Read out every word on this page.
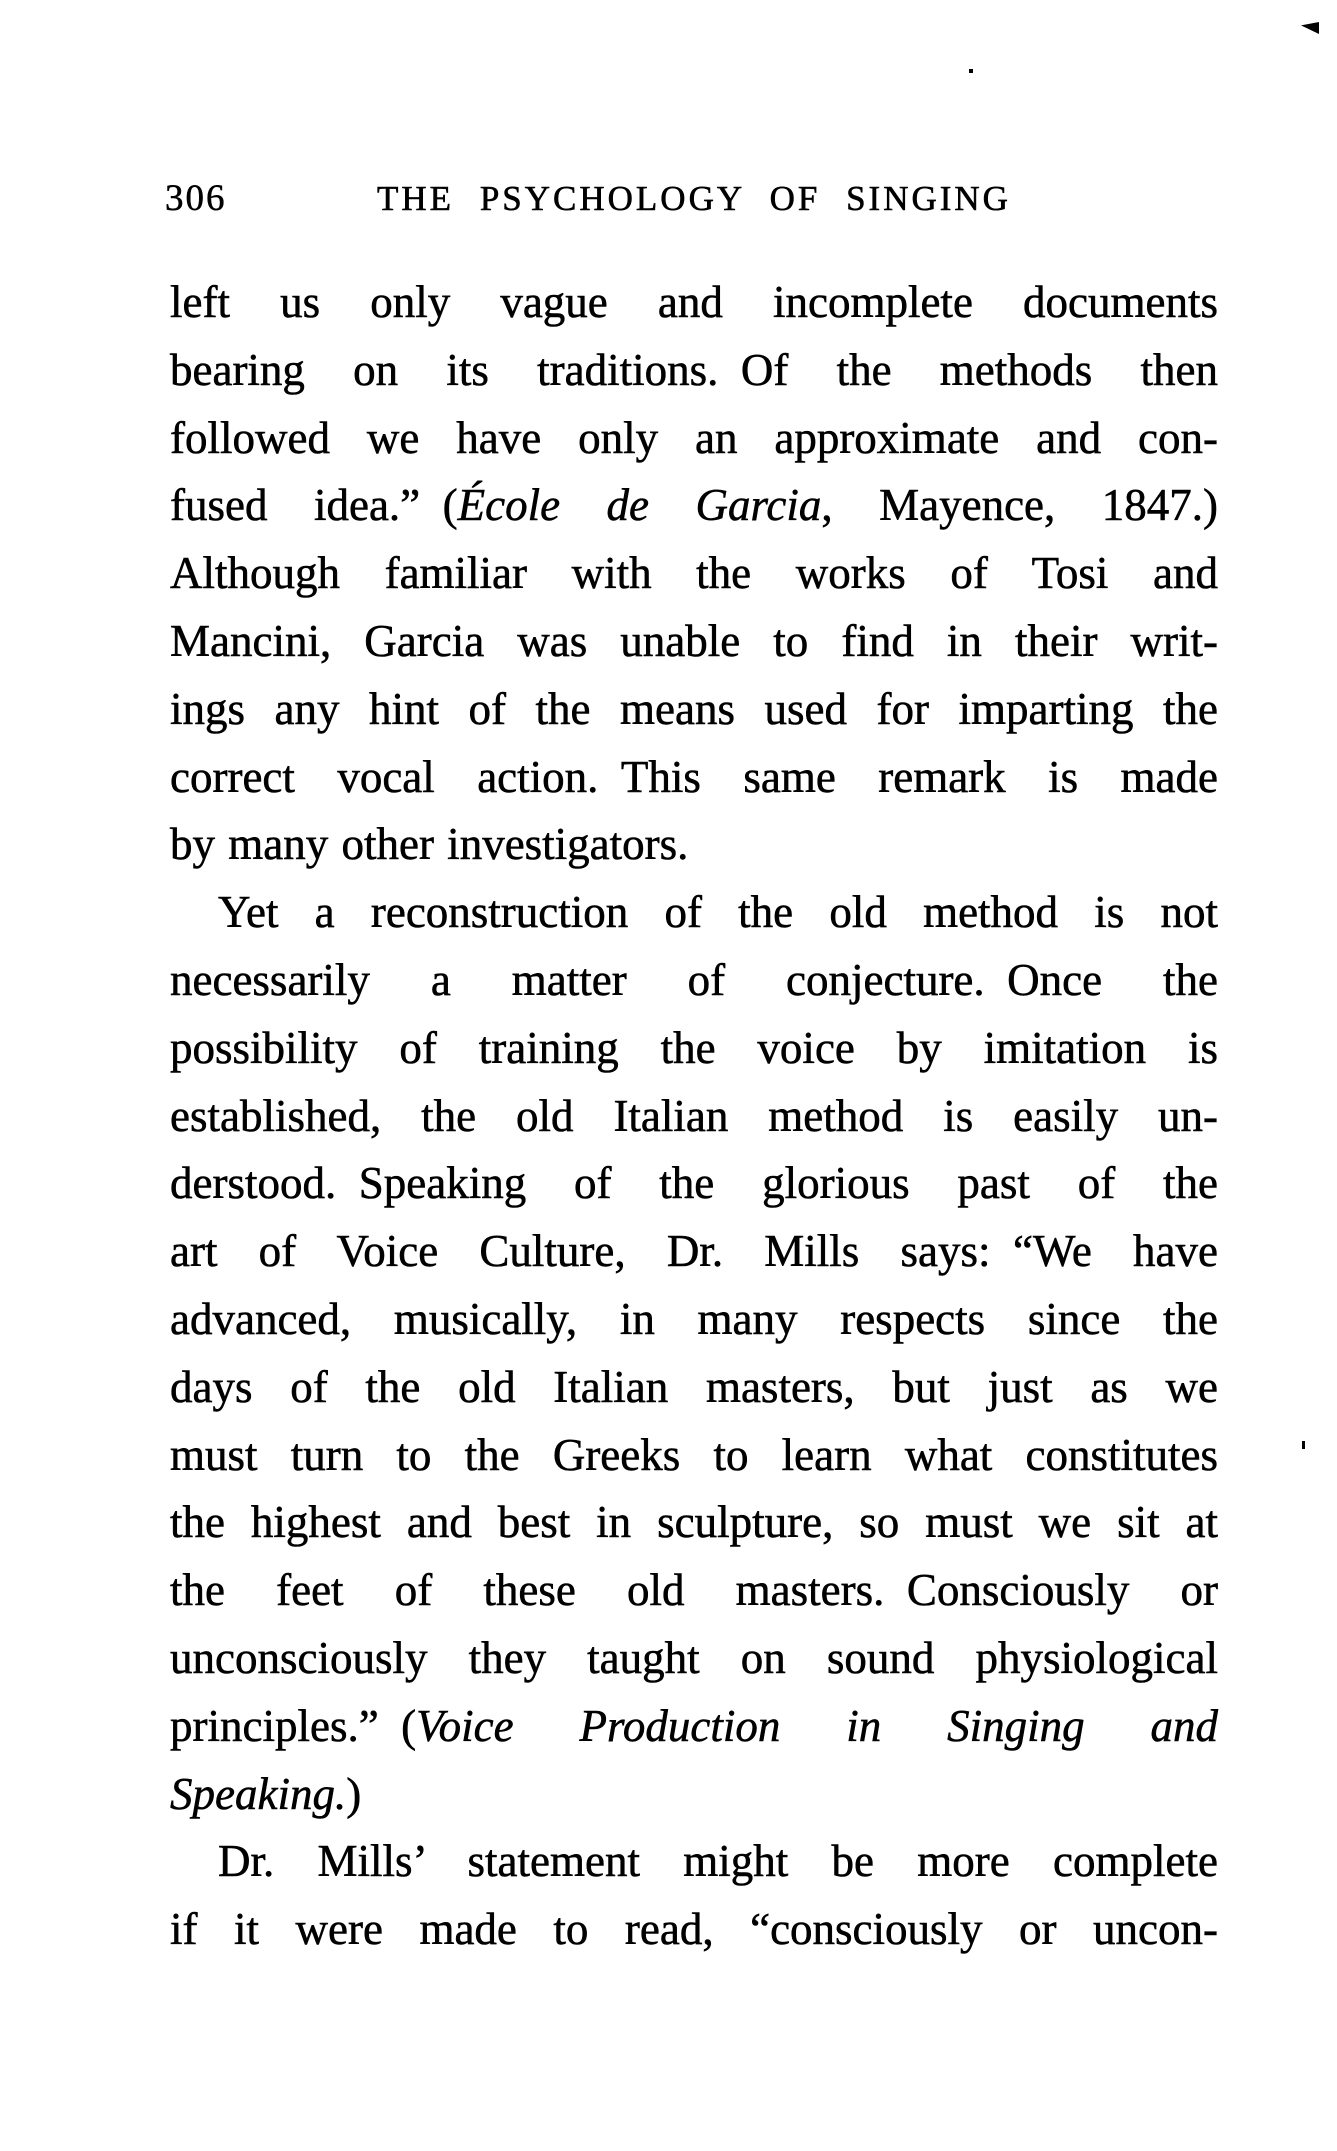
306	THE PSYCHOLOGY OF SINGING
left us only vague and incomplete documents
bearing on its traditions. Of the methods then
followed we have only an approximate and con-
fused idea.” (École de Garcia, Mayence, 1847.)
Although familiar with the works of Tosi and
Mancini, Garcia was unable to find in their writ-
ings any hint of the means used for imparting the
correct vocal action. This same remark is made
by many other investigators.
Yet a reconstruction of the old method is not
necessarily a matter of conjecture. Once the
possibility of training the voice by imitation is
established, the old Italian method is easily un-
derstood. Speaking of the glorious past of the
art of Voice Culture, Dr. Mills says: “We have
advanced, musically, in many respects since the
days of the old Italian masters, but just as we
must turn to the Greeks to learn what constitutes
the highest and best in sculpture, so must we sit at
the feet of these old masters. Consciously or
unconsciously they taught on sound physiological
principles.” (Voice Production in Singing and
Speaking.)
Dr. Mills’ statement might be more complete
if it were made to read, “consciously or uncon-
